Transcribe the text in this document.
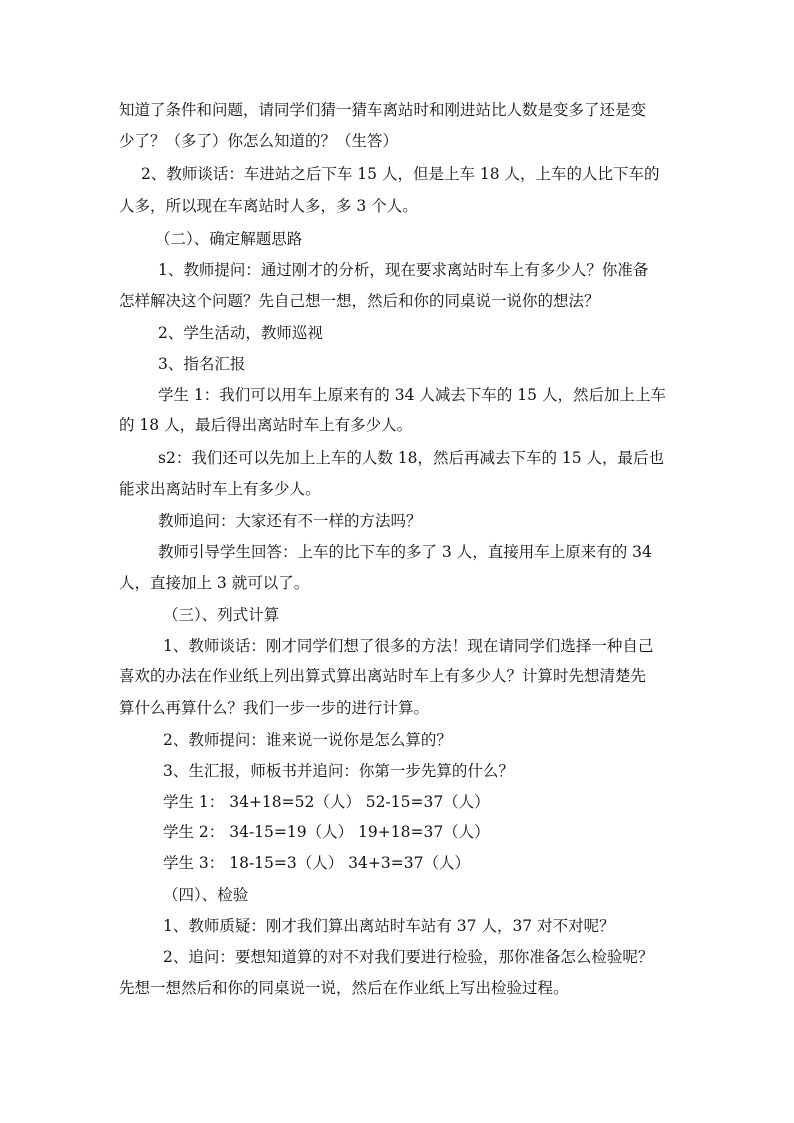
知道了条件和问题，请同学们猜一猜车离站时和刚进站比人数是变多了还是变
少了？（多了）你怎么知道的？（生答）
2、教师谈话：车进站之后下车 15 人，但是上车 18 人，上车的人比下车的
人多，所以现在车离站时人多，多 3 个人。
（二）、确定解题思路
1、教师提问：通过刚才的分析，现在要求离站时车上有多少人？你准备
怎样解决这个问题？先自己想一想，然后和你的同桌说一说你的想法？
2、学生活动，教师巡视
3、指名汇报
学生 1：我们可以用车上原来有的 34 人减去下车的 15 人，然后加上上车
的 18 人，最后得出离站时车上有多少人。
s2：我们还可以先加上上车的人数 18，然后再减去下车的 15 人，最后也
能求出离站时车上有多少人。
教师追问：大家还有不一样的方法吗？
教师引导学生回答：上车的比下车的多了 3 人，直接用车上原来有的 34
人，直接加上 3 就可以了。
（三）、列式计算
1、教师谈话：刚才同学们想了很多的方法！现在请同学们选择一种自己
喜欢的办法在作业纸上列出算式算出离站时车上有多少人？计算时先想清楚先
算什么再算什么？我们一步一步的进行计算。
2、教师提问：谁来说一说你是怎么算的？
3、生汇报，师板书并追问：你第一步先算的什么？
学生 1： 34+18=52（人） 52-15=37（人）
学生 2： 34-15=19（人） 19+18=37（人）
学生 3： 18-15=3（人） 34+3=37（人）
（四）、检验
1、教师质疑：刚才我们算出离站时车站有 37 人，37 对不对呢？
2、追问：要想知道算的对不对我们要进行检验，那你准备怎么检验呢？
先想一想然后和你的同桌说一说，然后在作业纸上写出检验过程。
